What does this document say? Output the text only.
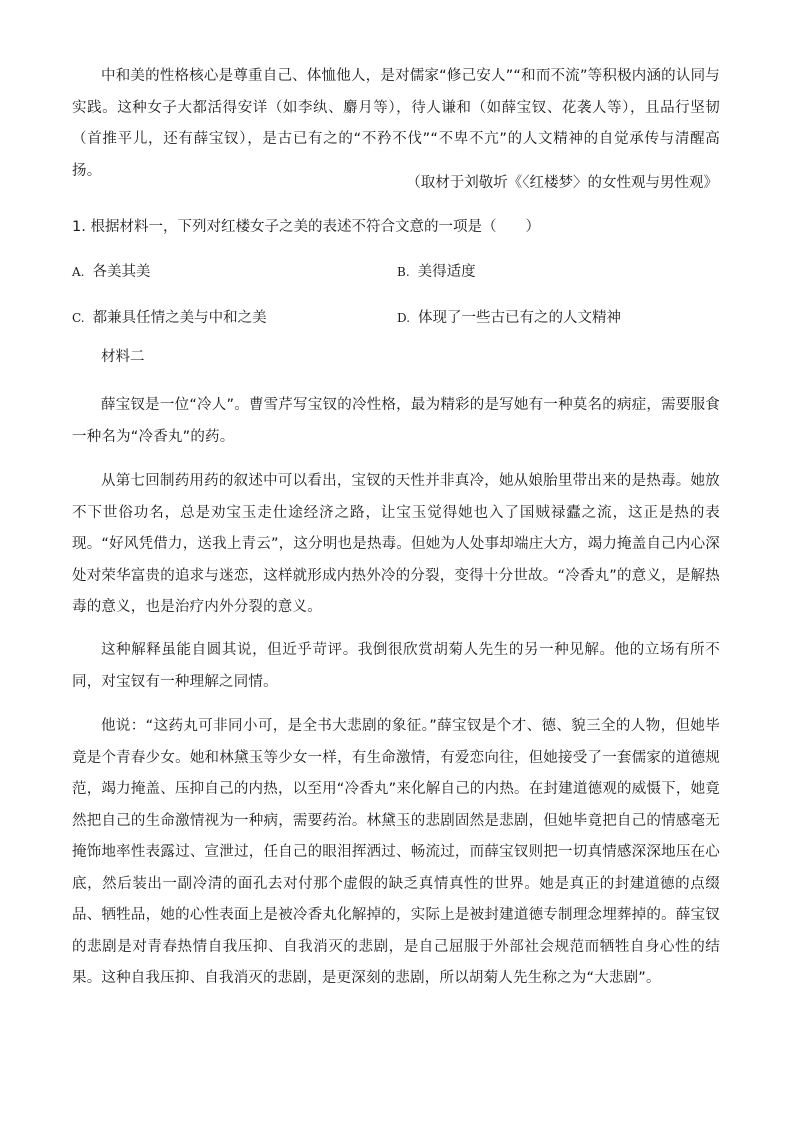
中和美的性格核心是尊重自己、体恤他人，是对儒家“修己安人”“和而不流”等积极内涵的认同与实践。这种女子大都活得安详（如李纨、麝月等），待人谦和（如薛宝钗、花袭人等），且品行坚韧（首推平儿，还有薛宝钗），是古已有之的“不矜不伐”“不卑不亢”的人文精神的自觉承传与清醒高扬。

（取材于刘敬圻《〈红楼梦〉的女性观与男性观》

1. 根据材料一，下列对红楼女子之美的表述不符合文意的一项是（　　）

A. 各美其美	B. 美得适度

C. 都兼具任情之美与中和之美	D. 体现了一些古已有之的人文精神

材料二

薛宝钗是一位“冷人”。曹雪芹写宝钗的冷性格，最为精彩的是写她有一种莫名的病症，需要服食一种名为“冷香丸”的药。

从第七回制药用药的叙述中可以看出，宝钗的天性并非真冷，她从娘胎里带出来的是热毒。她放不下世俗功名，总是劝宝玉走仕途经济之路，让宝玉觉得她也入了国贼禄蠹之流，这正是热的表现。“好风凭借力，送我上青云”，这分明也是热毒。但她为人处事却端庄大方，竭力掩盖自己内心深处对荣华富贵的追求与迷恋，这样就形成内热外冷的分裂，变得十分世故。“冷香丸”的意义，是解热毒的意义，也是治疗内外分裂的意义。

这种解释虽能自圆其说，但近乎苛评。我倒很欣赏胡菊人先生的另一种见解。他的立场有所不同，对宝钗有一种理解之同情。

他说：“这药丸可非同小可，是全书大悲剧的象征。”薛宝钗是个才、德、貌三全的人物，但她毕竟是个青春少女。她和林黛玉等少女一样，有生命激情，有爱恋向往，但她接受了一套儒家的道德规范，竭力掩盖、压抑自己的内热，以至用“冷香丸”来化解自己的内热。在封建道德观的威慑下，她竟然把自己的生命激情视为一种病，需要药治。林黛玉的悲剧固然是悲剧，但她毕竟把自己的情感毫无掩饰地率性表露过、宣泄过，任自己的眼泪挥洒过、畅流过，而薛宝钗则把一切真情感深深地压在心底，然后装出一副冷清的面孔去对付那个虚假的缺乏真情真性的世界。她是真正的封建道德的点缀品、牺牲品，她的心性表面上是被冷香丸化解掉的，实际上是被封建道德专制理念埋葬掉的。薛宝钗的悲剧是对青春热情自我压抑、自我消灭的悲剧，是自己屈服于外部社会规范而牺牲自身心性的结果。这种自我压抑、自我消灭的悲剧，是更深刻的悲剧，所以胡菊人先生称之为“大悲剧”。
